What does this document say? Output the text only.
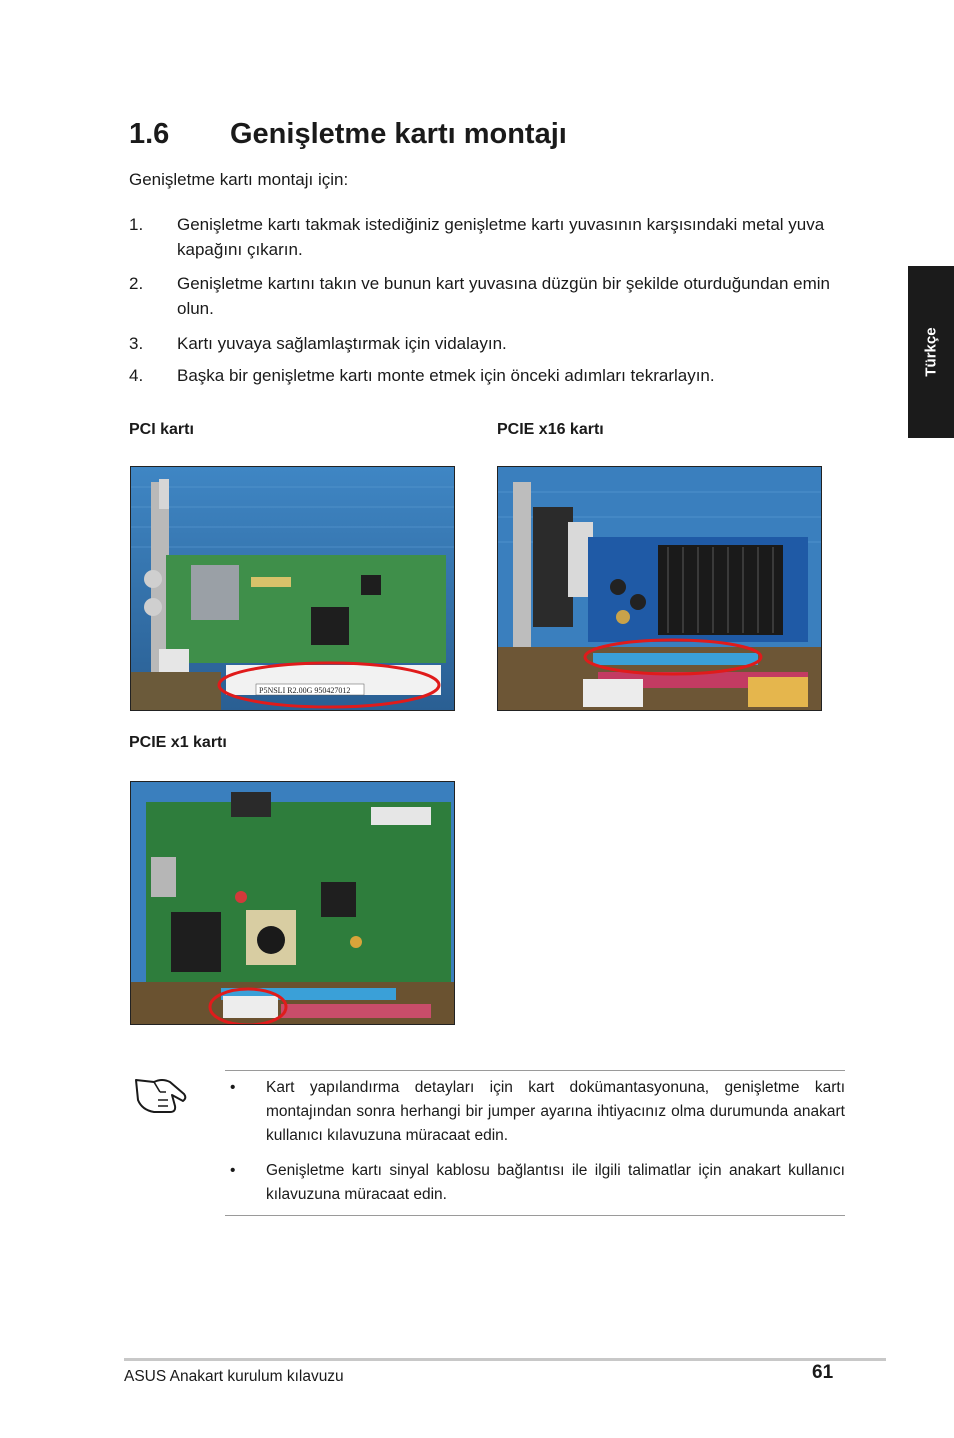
1.6 Genişletme kartı montajı
Genişletme kartı montajı için:
1. Genişletme kartı takmak istediğiniz genişletme kartı yuvasının karşısındaki metal yuva kapağını çıkarın.
2. Genişletme kartını takın ve bunun kart yuvasına düzgün bir şekilde oturduğundan emin olun.
3. Kartı yuvaya sağlamlaştırmak için vidalayın.
4. Başka bir genişletme kartı monte etmek için önceki adımları tekrarlayın.	Türkçe
PCI kartı	PCIE x16 kartı
PCIE x1 kartı
P5NSLI R2.00G 950427012
• Kart yapılandırma detayları için kart dokümantasyonuna, genişletme kartı montajından sonra herhangi bir jumper ayarına ihtiyacınız olma durumunda anakart kullanıcı kılavuzuna müracaat edin.
• Genişletme kartı sinyal kablosu bağlantısı ile ilgili talimatlar için anakart kullanıcı kılavuzuna müracaat edin.
ASUS Anakart kurulum kılavuzu	61
